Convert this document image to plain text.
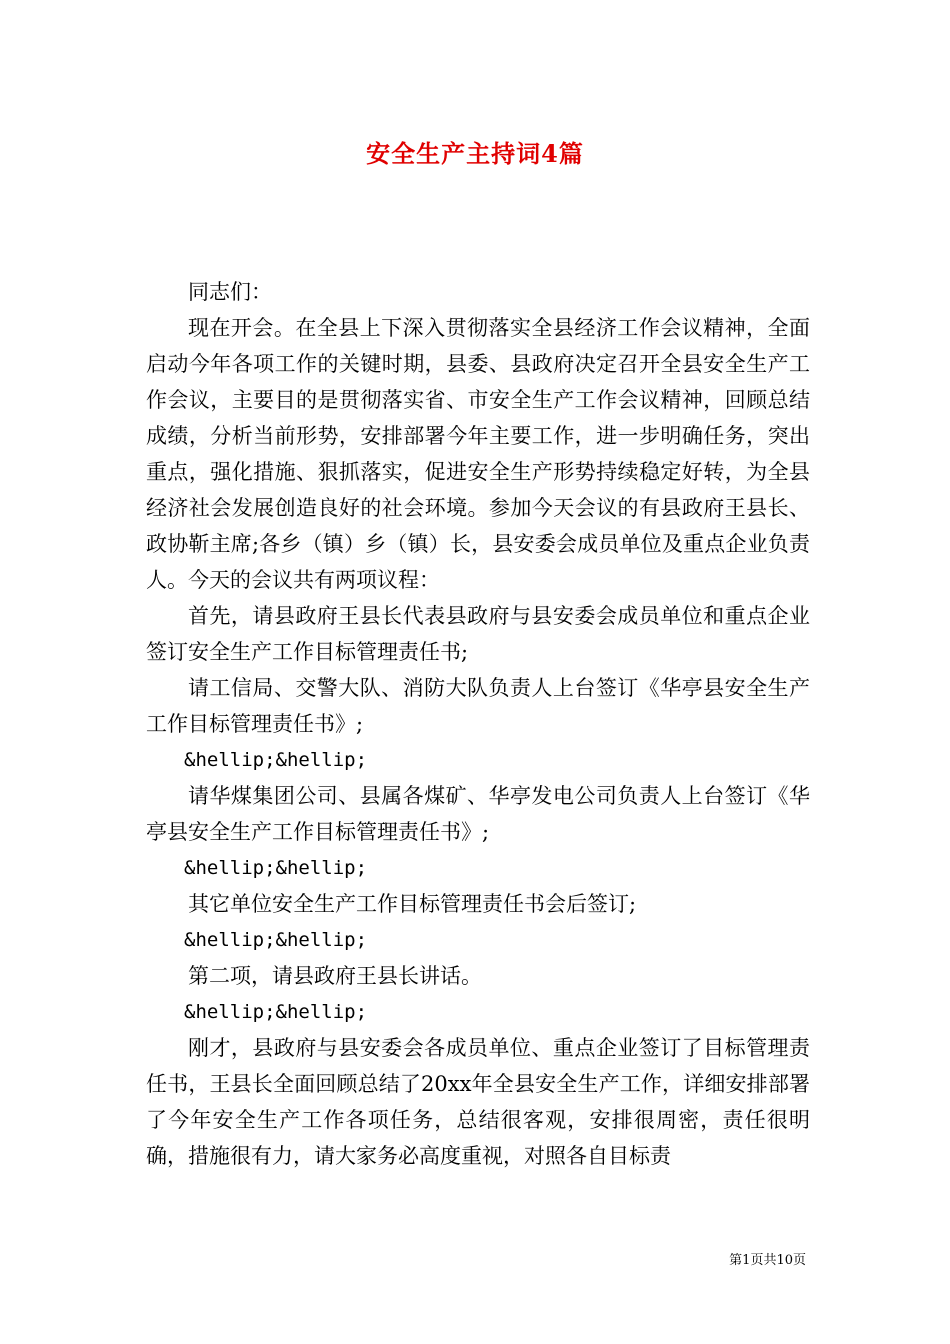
安全生产主持词4篇

同志们：

现在开会。在全县上下深入贯彻落实全县经济工作会议精神，全面启动今年各项工作的关键时期，县委、县政府决定召开全县安全生产工作会议，主要目的是贯彻落实省、市安全生产工作会议精神，回顾总结成绩，分析当前形势，安排部署今年主要工作，进一步明确任务，突出重点，强化措施、狠抓落实，促进安全生产形势持续稳定好转，为全县经济社会发展创造良好的社会环境。参加今天会议的有县政府王县长、政协靳主席;各乡（镇）乡（镇）长，县安委会成员单位及重点企业负责人。今天的会议共有两项议程：

首先，请县政府王县长代表县政府与县安委会成员单位和重点企业签订安全生产工作目标管理责任书;

请工信局、交警大队、消防大队负责人上台签订《华亭县安全生产工作目标管理责任书》;

&hellip;&hellip;

请华煤集团公司、县属各煤矿、华亭发电公司负责人上台签订《华亭县安全生产工作目标管理责任书》;

&hellip;&hellip;

其它单位安全生产工作目标管理责任书会后签订;

&hellip;&hellip;

第二项，请县政府王县长讲话。

&hellip;&hellip;

刚才，县政府与县安委会各成员单位、重点企业签订了目标管理责任书，王县长全面回顾总结了20xx年全县安全生产工作，详细安排部署了今年安全生产工作各项任务，总结很客观，安排很周密，责任很明确，措施很有力，请大家务必高度重视，对照各自目标责

第1页共10页
